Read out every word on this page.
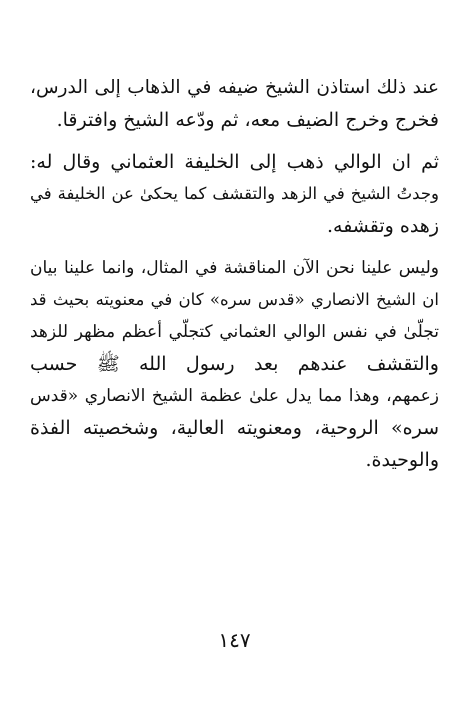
عند ذلك استاذن الشيخ ضيفه في الذهاب إلى الدرس،
فخرج وخرج الضيف معه، ثم ودّعه الشيخ وافترقا.

ثم ان الوالي ذهب إلى الخليفة العثماني وقال له:
وجدتُ الشيخ في الزهد والتقشف كما يحكىٰ عن الخليفة في
زهده وتقشفه.

وليس علينا نحن الآن المناقشة في المثال، وانما علينا بيان
ان الشيخ الانصاري «قدس سره» كان في معنويته بحيث قد
تجلّىٰ في نفس الوالي العثماني كتجلّي أعظم مظهر للزهد
والتقشف عندهم بعد رسول الله ﷺ حسب
زعمهم، وهذا مما يدل علىٰ عظمة الشيخ الانصاري «قدس
سره» الروحية، ومعنويته العالية، وشخصيته الفذة
والوحيدة.

١٤٧
